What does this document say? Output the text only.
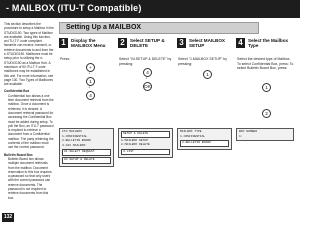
- MAILBOX (ITU-T Compatible)

This section describes the procedure to setup a Mailbox in the STUDIO150. Two types of Mailbox are available. Using this function, an ITU-T F-code compliant facsimile can receive, transmit, or retrieve documents to and from the e-STUDIO150. Mailboxes must be setup prior to utilizing the e-STUDIO150 as a Mailbox Hub. A maximum of 50 ITU-T F-code mailboxes may be established in this unit. For more information, see page 130. Two Types of Mailboxes are available.

Confidential Box
Confidential box allows a one time document retrieval from the mailbox. Once a document is retrieved, it is cleared. A document retrieval password for accessing the Confidential Box must be added during setup. To poll the Box, an ITU-T password is required to retrieve a document from a Confidential mailbox. The party retrieving the contents of the mailbox must use the correct password.
Bulletin Board Box
Bulletin Board box allows multiple document retrievals from the mailbox. Document reservation to this box requires a password so that only users with the correct password can reserve documents. The password is not required to retrieve documents from this box.
Setting Up a MAILBOX
1	Display the MAILBOX Menu
Press:
+
↓
1
↓
4
ITU MAILBOX
1.CONFIDENTIAL
2.BULLETIN BOARD
3.FAX MAILBOX
01.SELECT REQUEST
04.SETUP & DELETE
2	Select SETUP & DELETE
Select "04.SETUP & DELETE" by pressing:
4
↓
OK
SETUP & DELETE
1.MAILBOX SETUP
2.MAILBOX DELETE
3.LIST
3	Select MAILBOX SETUP
Select "1.MAILBOX SETUP" by pressing:
1
MAILBOX TYPE
1.CONFIDENTIAL
2.BULLETIN BOARD
4	Select the Mailbox Type
Select the desired type of Mailbox. To select Confidential Box, press: To select Bulletin Board Box, press:
1
2
BOX NUMBER
1:
132
